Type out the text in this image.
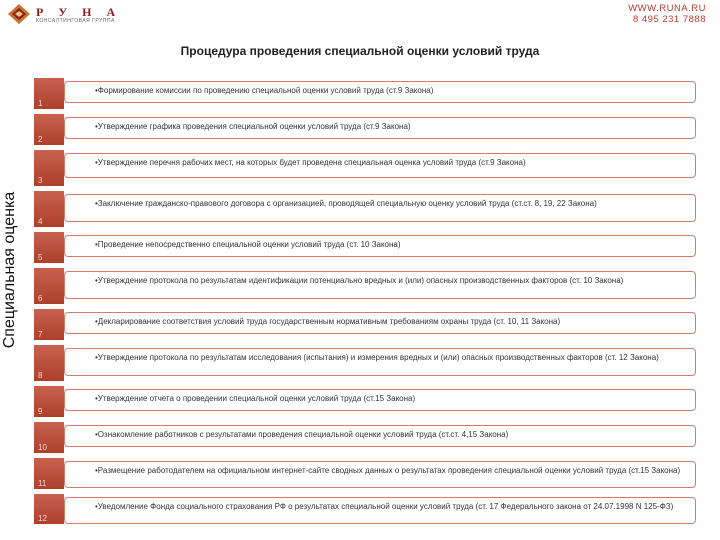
Р У Н А
КОНСАЛТИНГОВАЯ ГРУППА
WWW.RUNA.RU
8 495 231 7888
Процедура проведения специальной оценки условий труда
Специальная оценка
1
•Формирование комиссии по проведению специальной оценки условий труда (ст.9 Закона)
2
•Утверждение графика проведения специальной оценки условий труда (ст.9 Закона)
3
•Утверждение перечня рабочих мест, на которых будет проведена специальная оценка условий труда (ст.9 Закона)
4
•Заключение гражданско-правового договора с организацией, проводящей специальную оценку условий труда (ст.ст. 8, 19, 22 Закона)
5
•Проведение непосредственно специальной оценки условий труда (ст. 10 Закона)
6
•Утверждение протокола по результатам идентификации потенциально вредных и (или) опасных производственных факторов (ст. 10 Закона)
7
•Декларирование соответствия условий труда государственным нормативным требованиям охраны труда (ст. 10, 11 Закона)
8
•Утверждение протокола по результатам исследования (испытания) и измерения вредных и (или) опасных производственных факторов (ст. 12 Закона)
9
•Утверждение отчета о проведении специальной оценки условий труда (ст.15 Закона)
10
•Ознакомление работников с результатами проведения специальной оценки условий труда (ст.ст. 4,15 Закона)
11
•Размещение работодателем на официальном интернет-сайте сводных данных о результатах проведения специальной оценки условий труда (ст.15 Закона)
12
•Уведомление Фонда социального страхования РФ о результатах специальной оценки условий труда (ст. 17 Федерального закона от 24.07.1998 N 125-ФЗ)
